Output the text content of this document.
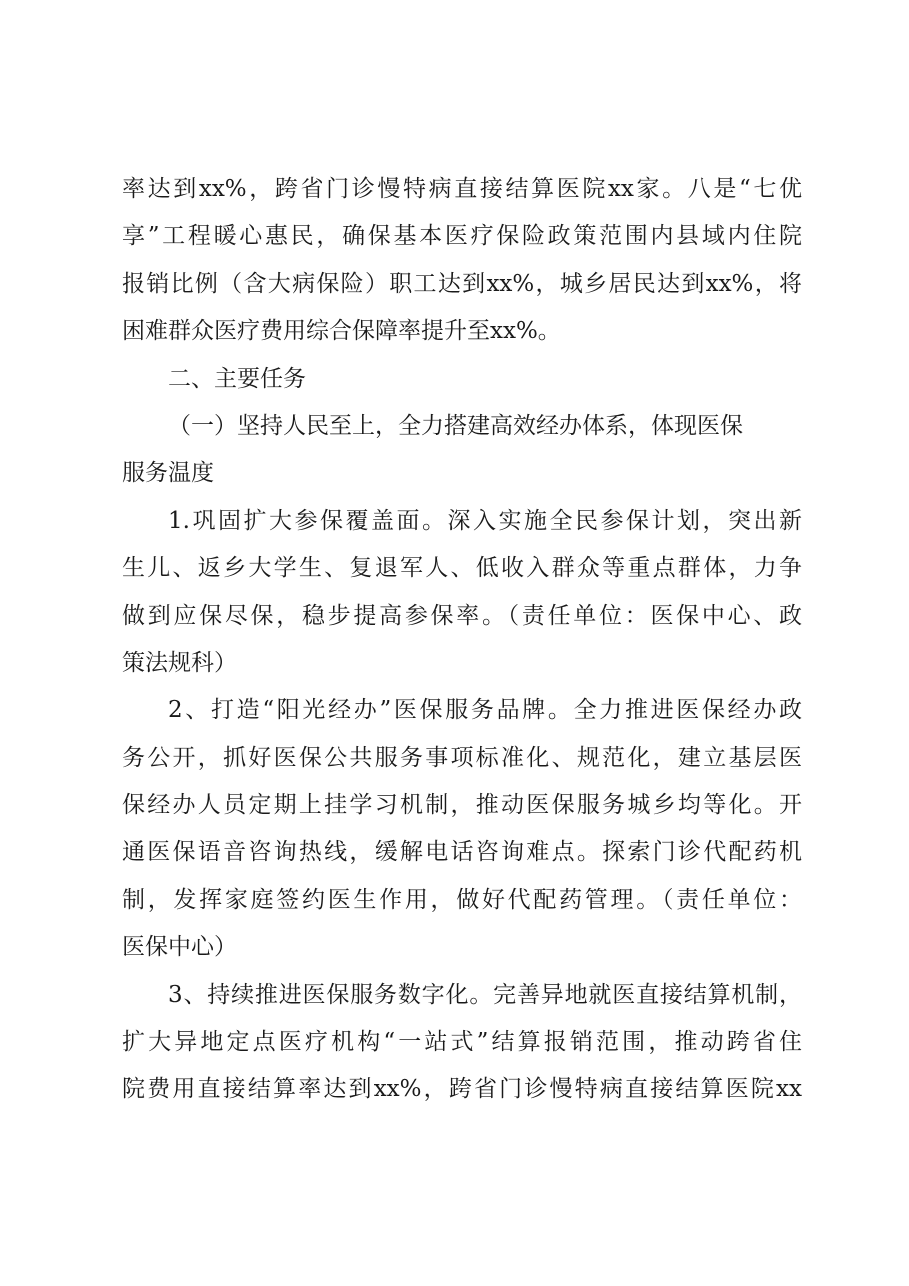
率达到xx%，跨省门诊慢特病直接结算医院xx家。八是“七优
享”工程暖心惠民，确保基本医疗保险政策范围内县域内住院
报销比例（含大病保险）职工达到xx%，城乡居民达到xx%，将
困难群众医疗费用综合保障率提升至xx%。
二、主要任务
（一）坚持人民至上，全力搭建高效经办体系，体现医保
服务温度
1.巩固扩大参保覆盖面。深入实施全民参保计划，突出新
生儿、返乡大学生、复退军人、低收入群众等重点群体，力争
做到应保尽保，稳步提高参保率。（责任单位：医保中心、政
策法规科）
2、打造“阳光经办”医保服务品牌。全力推进医保经办政
务公开，抓好医保公共服务事项标准化、规范化，建立基层医
保经办人员定期上挂学习机制，推动医保服务城乡均等化。开
通医保语音咨询热线，缓解电话咨询难点。探索门诊代配药机
制，发挥家庭签约医生作用，做好代配药管理。（责任单位：
医保中心）
3、持续推进医保服务数字化。完善异地就医直接结算机制，
扩大异地定点医疗机构“一站式”结算报销范围，推动跨省住
院费用直接结算率达到xx%，跨省门诊慢特病直接结算医院xx
